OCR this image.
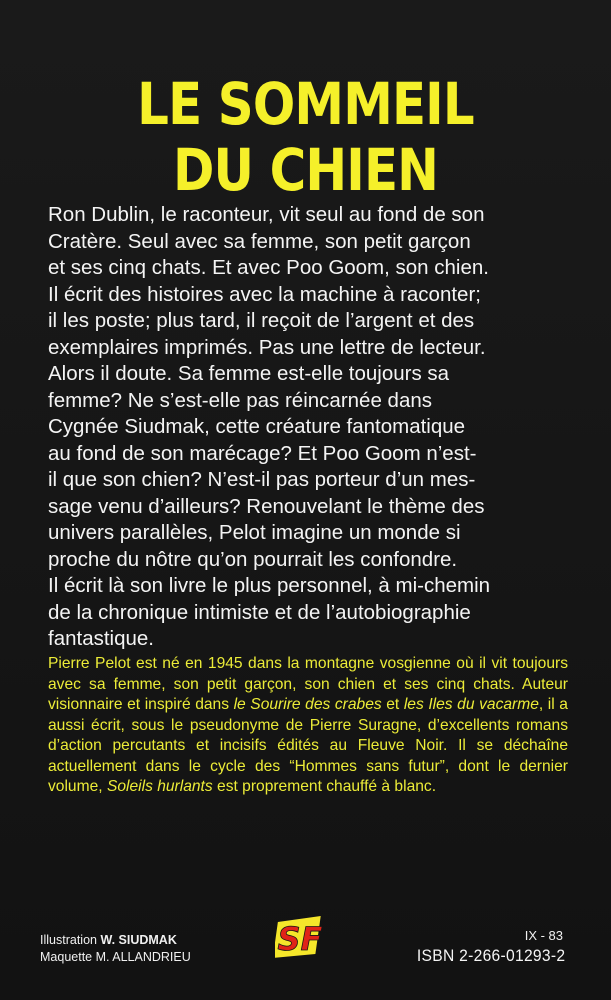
LE SOMMEIL
DU CHIEN
Ron Dublin, le raconteur, vit seul au fond de son
Cratère. Seul avec sa femme, son petit garçon
et ses cinq chats. Et avec Poo Goom, son chien.
Il écrit des histoires avec la machine à raconter;
il les poste; plus tard, il reçoit de l’argent et des
exemplaires imprimés. Pas une lettre de lecteur.
Alors il doute. Sa femme est-elle toujours sa
femme? Ne s’est-elle pas réincarnée dans
Cygnée Siudmak, cette créature fantomatique
au fond de son marécage? Et Poo Goom n’est-
il que son chien? N’est-il pas porteur d’un mes-
sage venu d’ailleurs? Renouvelant le thème des
univers parallèles, Pelot imagine un monde si
proche du nôtre qu’on pourrait les confondre.
Il écrit là son livre le plus personnel, à mi-chemin
de la chronique intimiste et de l’autobiographie
fantastique.

Pierre Pelot est né en 1945 dans la montagne vosgienne où il vit toujours avec sa femme, son petit garçon, son chien et ses cinq chats. Auteur visionnaire et inspiré dans le Sourire des crabes et les Iles du vacarme, il a aussi écrit, sous le pseudonyme de Pierre Suragne, d’excellents romans d’action percutants et incisifs édités au Fleuve Noir. Il se déchaîne actuellement dans le cycle des “Hommes sans futur”, dont le dernier volume, Soleils hurlants est proprement chauffé à blanc.

Illustration W. SIUDMAK
Maquette M. ALLANDRIEU	SF	IX - 83
ISBN 2-266-01293-2
